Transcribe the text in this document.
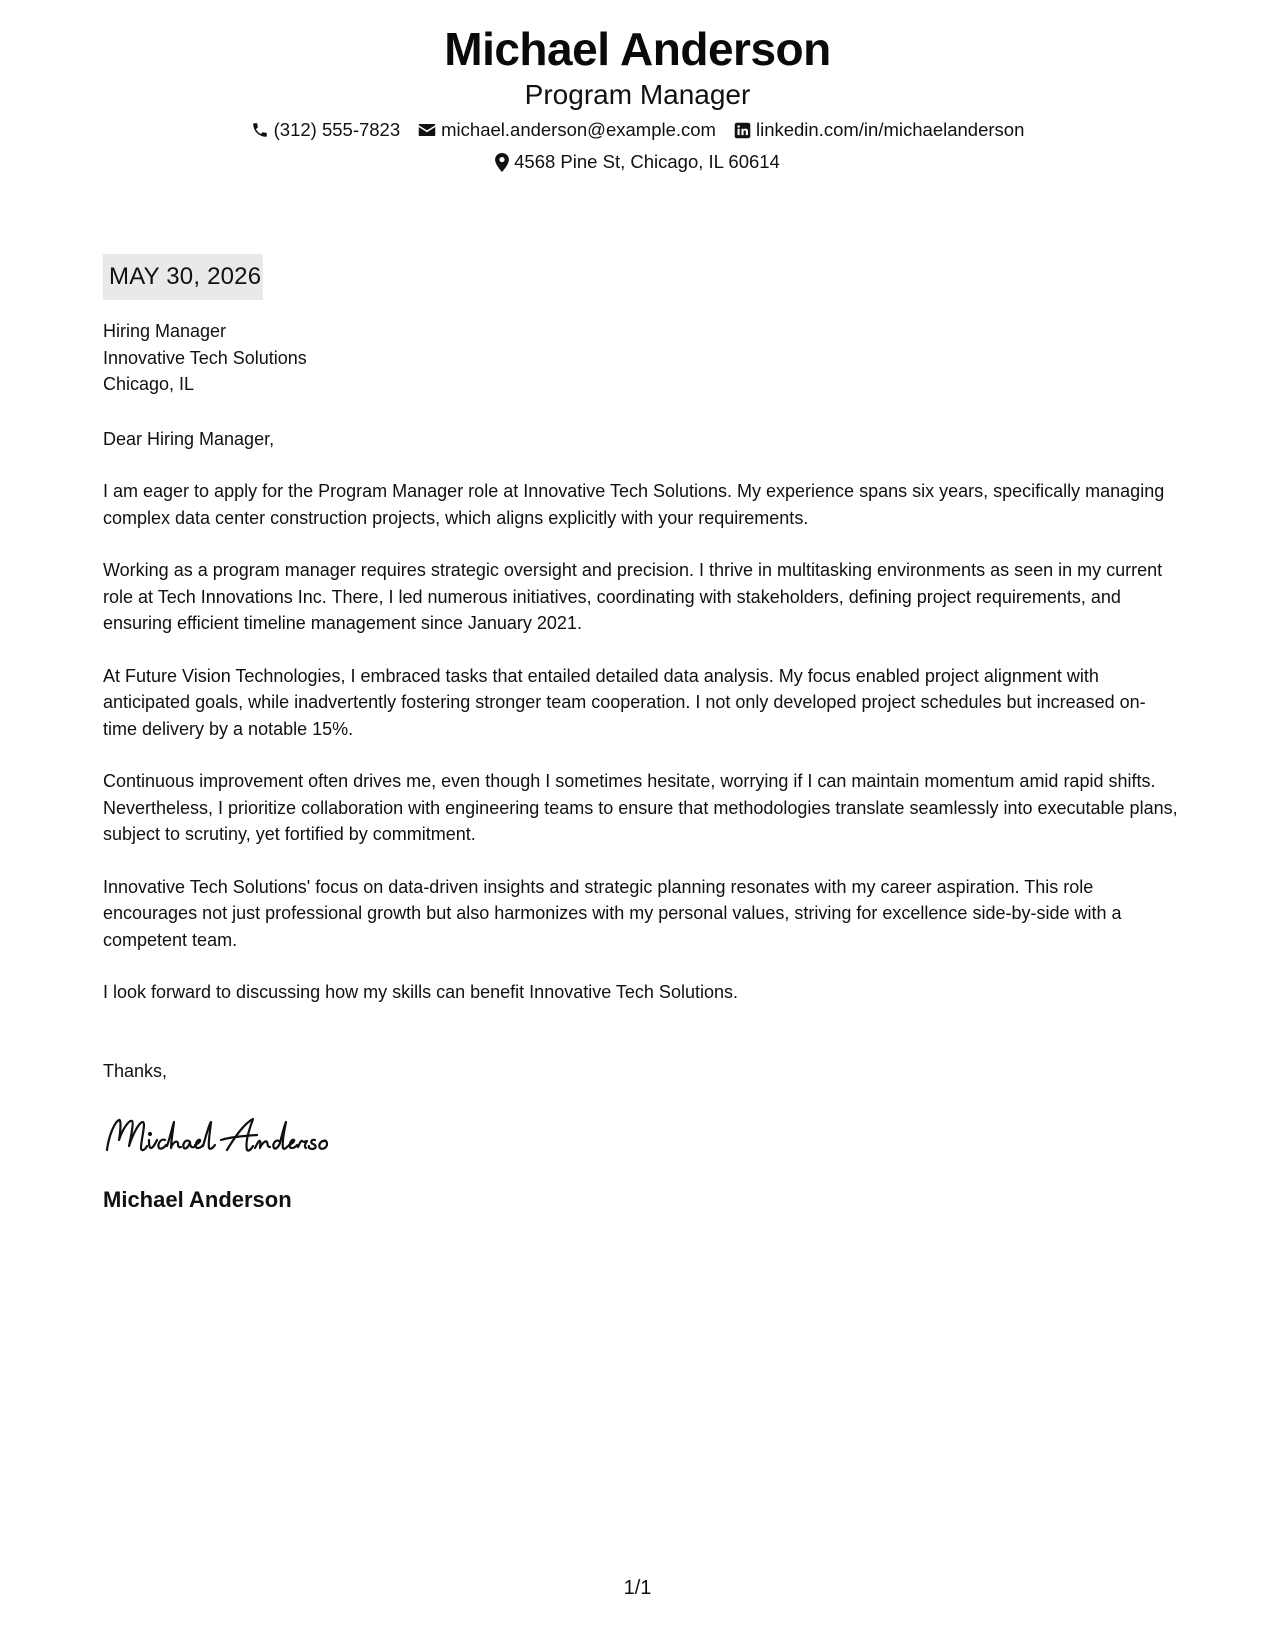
Michael Anderson
Program Manager
(312) 555-7823 michael.anderson@example.com linkedin.com/in/michaelanderson
4568 Pine St, Chicago, IL 60614
MAY 30, 2026
Hiring Manager
Innovative Tech Solutions
Chicago, IL
Dear Hiring Manager,

I am eager to apply for the Program Manager role at Innovative Tech Solutions. My experience spans six years, specifically managing complex data center construction projects, which aligns explicitly with your requirements.

Working as a program manager requires strategic oversight and precision. I thrive in multitasking environments as seen in my current role at Tech Innovations Inc. There, I led numerous initiatives, coordinating with stakeholders, defining project requirements, and ensuring efficient timeline management since January 2021.

At Future Vision Technologies, I embraced tasks that entailed detailed data analysis. My focus enabled project alignment with anticipated goals, while inadvertently fostering stronger team cooperation. I not only developed project schedules but increased on-time delivery by a notable 15%.

Continuous improvement often drives me, even though I sometimes hesitate, worrying if I can maintain momentum amid rapid shifts. Nevertheless, I prioritize collaboration with engineering teams to ensure that methodologies translate seamlessly into executable plans, subject to scrutiny, yet fortified by commitment.

Innovative Tech Solutions' focus on data-driven insights and strategic planning resonates with my career aspiration. This role encourages not just professional growth but also harmonizes with my personal values, striving for excellence side-by-side with a competent team.

I look forward to discussing how my skills can benefit Innovative Tech Solutions.

Thanks,
Michael Anderson
1/1
